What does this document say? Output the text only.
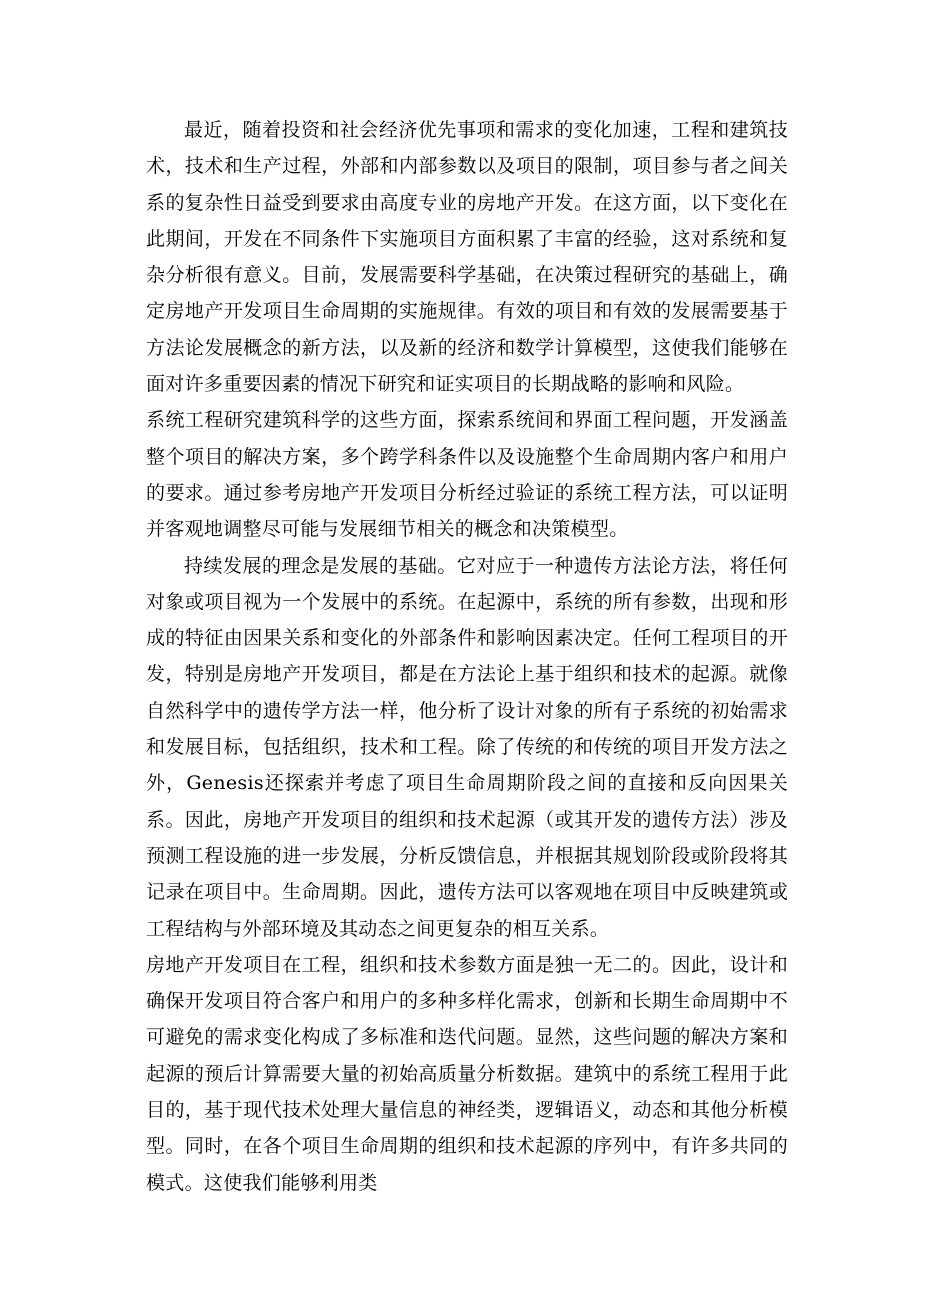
最近，随着投资和社会经济优先事项和需求的变化加速，工程和建筑技术，技术和生产过程，外部和内部参数以及项目的限制，项目参与者之间关系的复杂性日益受到要求由高度专业的房地产开发。在这方面，以下变化在此期间，开发在不同条件下实施项目方面积累了丰富的经验，这对系统和复杂分析很有意义。目前，发展需要科学基础，在决策过程研究的基础上，确定房地产开发项目生命周期的实施规律。有效的项目和有效的发展需要基于方法论发展概念的新方法，以及新的经济和数学计算模型，这使我们能够在面对许多重要因素的情况下研究和证实项目的长期战略的影响和风险。

系统工程研究建筑科学的这些方面，探索系统间和界面工程问题，开发涵盖整个项目的解决方案，多个跨学科条件以及设施整个生命周期内客户和用户的要求。通过参考房地产开发项目分析经过验证的系统工程方法，可以证明并客观地调整尽可能与发展细节相关的概念和决策模型。

持续发展的理念是发展的基础。它对应于一种遗传方法论方法，将任何对象或项目视为一个发展中的系统。在起源中，系统的所有参数，出现和形成的特征由因果关系和变化的外部条件和影响因素决定。任何工程项目的开发，特别是房地产开发项目，都是在方法论上基于组织和技术的起源。就像自然科学中的遗传学方法一样，他分析了设计对象的所有子系统的初始需求和发展目标，包括组织，技术和工程。除了传统的和传统的项目开发方法之外，Genesis还探索并考虑了项目生命周期阶段之间的直接和反向因果关系。因此，房地产开发项目的组织和技术起源（或其开发的遗传方法）涉及预测工程设施的进一步发展，分析反馈信息，并根据其规划阶段或阶段将其记录在项目中。生命周期。因此，遗传方法可以客观地在项目中反映建筑或工程结构与外部环境及其动态之间更复杂的相互关系。

房地产开发项目在工程，组织和技术参数方面是独一无二的。因此，设计和确保开发项目符合客户和用户的多种多样化需求，创新和长期生命周期中不可避免的需求变化构成了多标准和迭代问题。显然，这些问题的解决方案和起源的预后计算需要大量的初始高质量分析数据。建筑中的系统工程用于此目的，基于现代技术处理大量信息的神经类，逻辑语义，动态和其他分析模型。同时，在各个项目生命周期的组织和技术起源的序列中，有许多共同的模式。这使我们能够利用类
